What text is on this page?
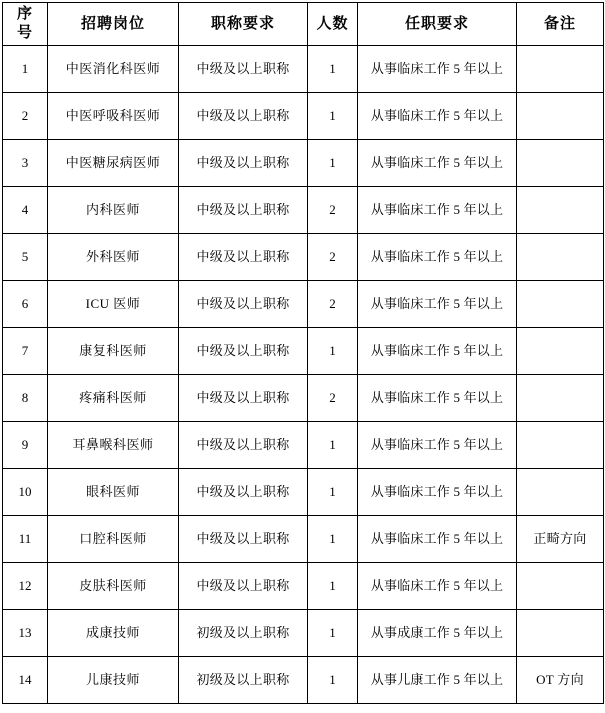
序
号	招聘岗位	职称要求	人数	任职要求	备注
1	中医消化科医师	中级及以上职称	1	从事临床工作 5 年以上	
2	中医呼吸科医师	中级及以上职称	1	从事临床工作 5 年以上	
3	中医糖尿病医师	中级及以上职称	1	从事临床工作 5 年以上	
4	内科医师	中级及以上职称	2	从事临床工作 5 年以上	
5	外科医师	中级及以上职称	2	从事临床工作 5 年以上	
6	ICU 医师	中级及以上职称	2	从事临床工作 5 年以上	
7	康复科医师	中级及以上职称	1	从事临床工作 5 年以上	
8	疼痛科医师	中级及以上职称	2	从事临床工作 5 年以上	
9	耳鼻喉科医师	中级及以上职称	1	从事临床工作 5 年以上	
10	眼科医师	中级及以上职称	1	从事临床工作 5 年以上	
11	口腔科医师	中级及以上职称	1	从事临床工作 5 年以上	正畸方向
12	皮肤科医师	中级及以上职称	1	从事临床工作 5 年以上	
13	成康技师	初级及以上职称	1	从事成康工作 5 年以上	
14	儿康技师	初级及以上职称	1	从事儿康工作 5 年以上	OT 方向
